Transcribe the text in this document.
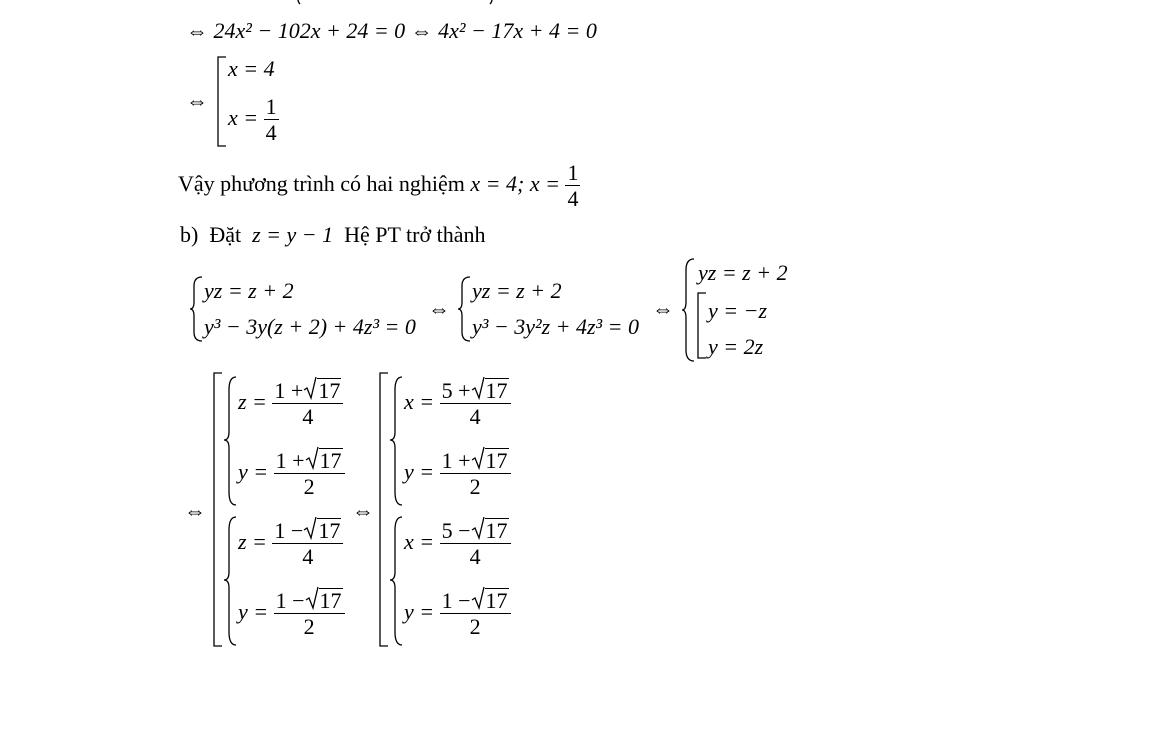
⇔ 24x² − 102x + 24 = 0 ⇔ 4x² − 17x + 4 = 0
⇔
x = 4
$x = \frac{1}{4}$
Vậy phương trình có hai nghiệm x = 4; $x = \frac{1}{4}$
b) Đặt z = y − 1 Hệ PT trở thành
yz = z + 2
y³ − 3y(z + 2) + 4z³ = 0
⇔
yz = z + 2
y³ − 3y²z + 4z³ = 0
⇔
yz = z + 2
y = −z
y = 2z
⇔
$z = \frac{1 + 17}{4}$
$y = \frac{1 + 17}{2}$
$z = \frac{1 - 17}{4}$
$y = \frac{1 - 17}{2}$
⇔
$x = \frac{5 + 17}{4}$
$y = \frac{1 + 17}{2}$
$x = \frac{5 - 17}{4}$
$y = \frac{1 - 17}{2}$
